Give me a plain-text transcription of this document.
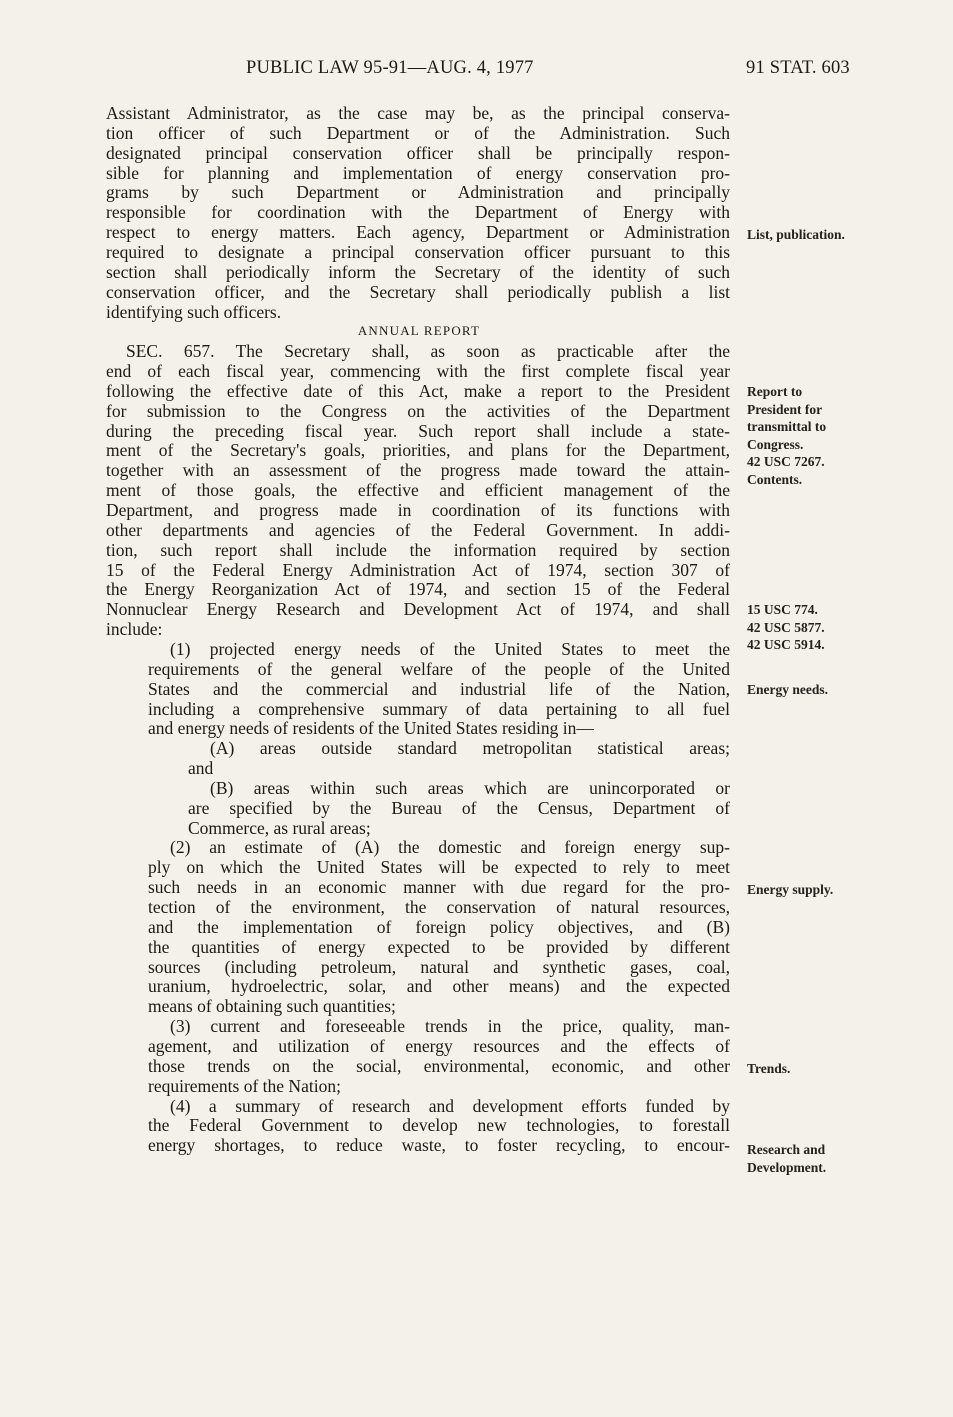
PUBLIC LAW 95-91—AUG. 4, 1977	91 STAT. 603
Assistant Administrator, as the case may be, as the principal conserva-
tion officer of such Department or of the Administration. Such
designated principal conservation officer shall be principally respon-
sible for planning and implementation of energy conservation pro-
grams by such Department or Administration and principally
responsible for coordination with the Department of Energy with
respect to energy matters. Each agency, Department or Administration
required to designate a principal conservation officer pursuant to this
section shall periodically inform the Secretary of the identity of such
conservation officer, and the Secretary shall periodically publish a list
identifying such officers.
ANNUAL REPORT
SEC. 657. The Secretary shall, as soon as practicable after the
end of each fiscal year, commencing with the first complete fiscal year
following the effective date of this Act, make a report to the President
for submission to the Congress on the activities of the Department
during the preceding fiscal year. Such report shall include a state-
ment of the Secretary's goals, priorities, and plans for the Department,
together with an assessment of the progress made toward the attain-
ment of those goals, the effective and efficient management of the
Department, and progress made in coordination of its functions with
other departments and agencies of the Federal Government. In addi-
tion, such report shall include the information required by section
15 of the Federal Energy Administration Act of 1974, section 307 of
the Energy Reorganization Act of 1974, and section 15 of the Federal
Nonnuclear Energy Research and Development Act of 1974, and shall
include:
(1) projected energy needs of the United States to meet the
requirements of the general welfare of the people of the United
States and the commercial and industrial life of the Nation,
including a comprehensive summary of data pertaining to all fuel
and energy needs of residents of the United States residing in—
(A) areas outside standard metropolitan statistical areas;
and
(B) areas within such areas which are unincorporated or
are specified by the Bureau of the Census, Department of
Commerce, as rural areas;
(2) an estimate of (A) the domestic and foreign energy sup-
ply on which the United States will be expected to rely to meet
such needs in an economic manner with due regard for the pro-
tection of the environment, the conservation of natural resources,
and the implementation of foreign policy objectives, and (B)
the quantities of energy expected to be provided by different
sources (including petroleum, natural and synthetic gases, coal,
uranium, hydroelectric, solar, and other means) and the expected
means of obtaining such quantities;
(3) current and foreseeable trends in the price, quality, man-
agement, and utilization of energy resources and the effects of
those trends on the social, environmental, economic, and other
requirements of the Nation;
(4) a summary of research and development efforts funded by
the Federal Government to develop new technologies, to forestall
energy shortages, to reduce waste, to foster recycling, to encour-
List, publication.
Report to
President for
transmittal to
Congress.
42 USC 7267.
Contents.
15 USC 774.
42 USC 5877.
42 USC 5914.
Energy needs.
Energy supply.
Trends.
Research and
Development.
